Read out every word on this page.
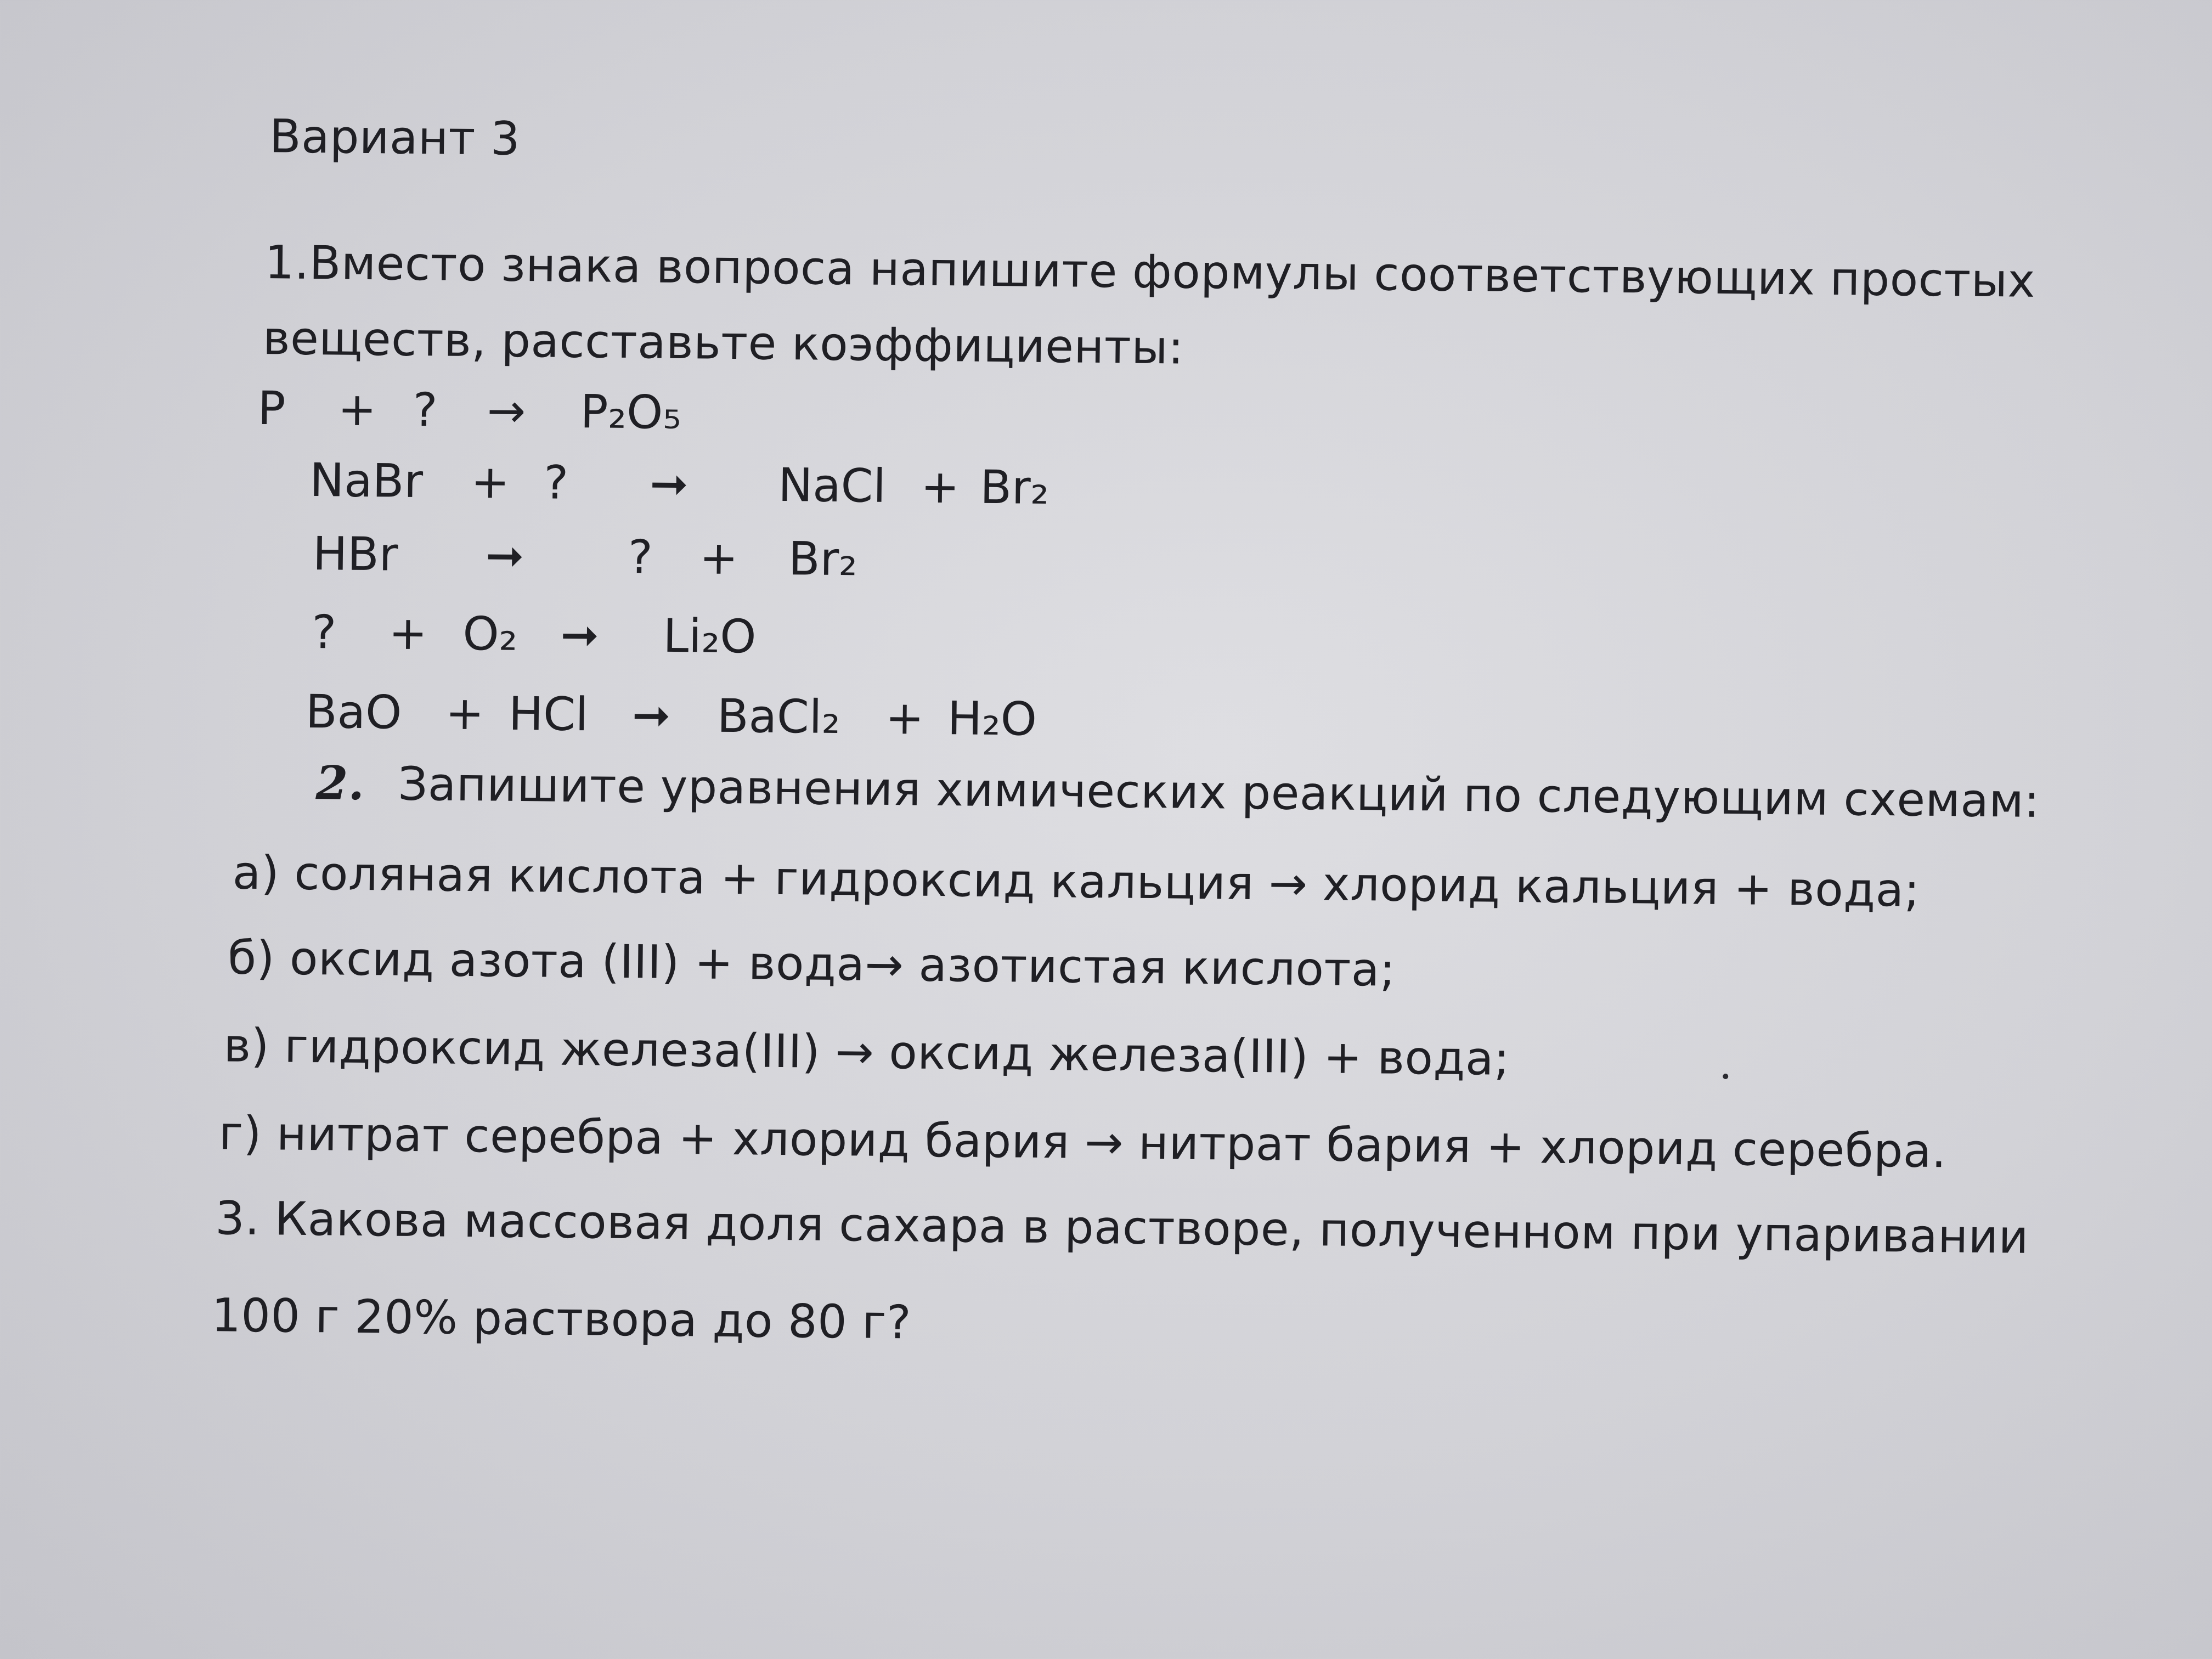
Вариант 3
1.Вместо знака вопроса напишите формулы соответствующих простых
веществ, расставьте коэффициенты:
P + ? → P₂O₅
NaBr + ? ➞ NaCl + Br₂
HBr ➞ ? + Br₂
? + O₂ ➞ Li₂O
BaO + HCl ➞ BaCl₂ + H₂O
2. Запишите уравнения химических реакций по следующим схемам:
а) соляная кислота + гидроксид кальция → хлорид кальция + вода;
б) оксид азота (III) + вода→ азотистая кислота;
в) гидроксид железа(III) → оксид железа(III) + вода;
г) нитрат серебра + хлорид бария → нитрат бария + хлорид серебра.
3. Какова массовая доля сахара в растворе, полученном при упаривании
100 г 20% раствора до 80 г?
